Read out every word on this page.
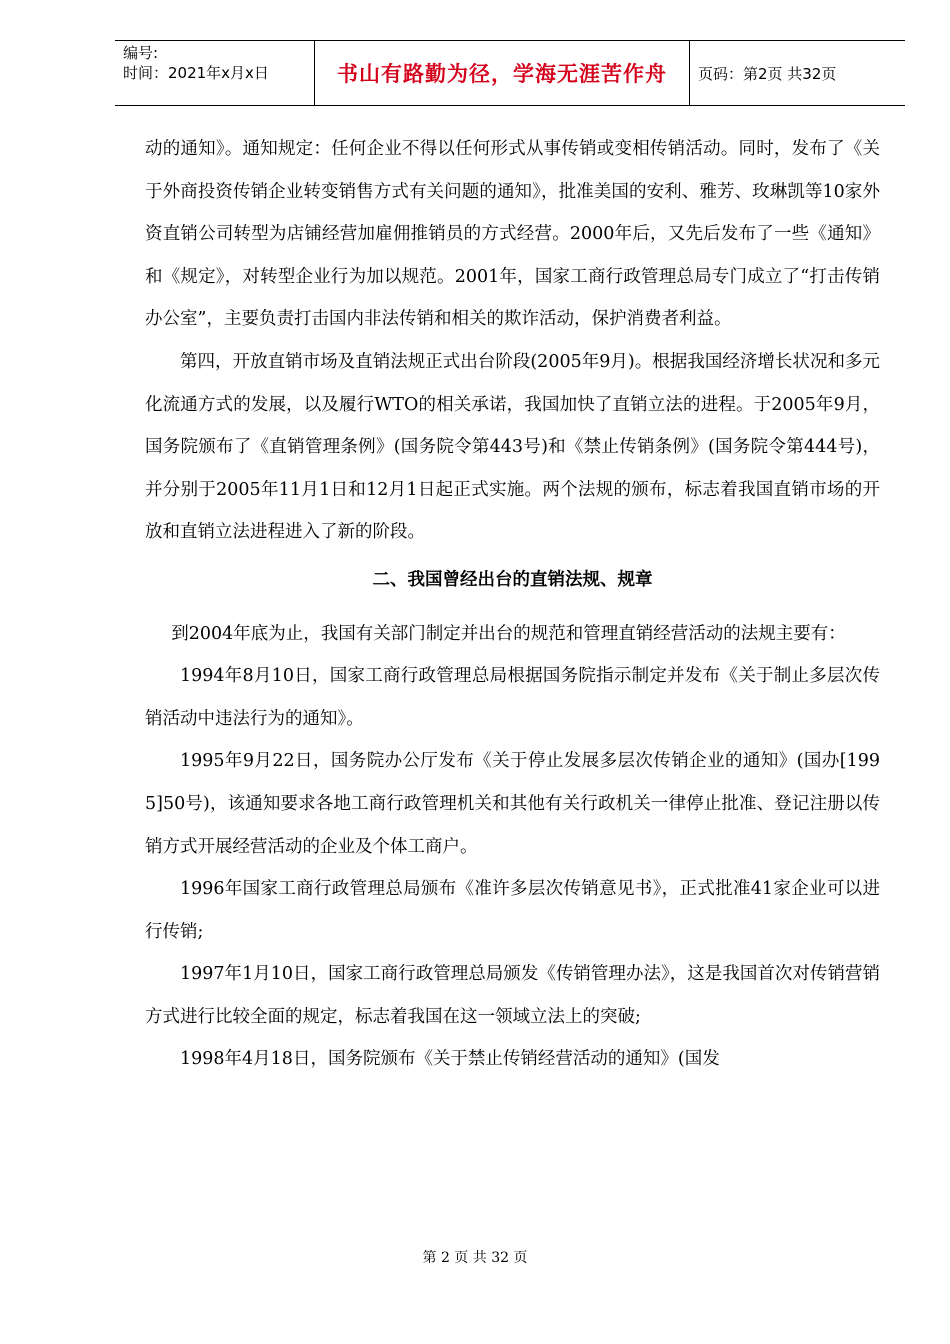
编号:
时间：2021年x月x日	书山有路勤为径，学海无涯苦作舟	页码：第2页 共32页

动的通知》。通知规定：任何企业不得以任何形式从事传销或变相传销活动。同时，发布了《关于外商投资传销企业转变销售方式有关问题的通知》，批准美国的安利、雅芳、玫琳凯等10家外资直销公司转型为店铺经营加雇佣推销员的方式经营。2000年后，又先后发布了一些《通知》和《规定》，对转型企业行为加以规范。2001年，国家工商行政管理总局专门成立了“打击传销办公室”，主要负责打击国内非法传销和相关的欺诈活动，保护消费者利益。

第四，开放直销市场及直销法规正式出台阶段(2005年9月)。根据我国经济增长状况和多元化流通方式的发展，以及履行WTO的相关承诺，我国加快了直销立法的进程。于2005年9月，国务院颁布了《直销管理条例》(国务院令第443号)和《禁止传销条例》(国务院令第444号)，并分别于2005年11月1日和12月1日起正式实施。两个法规的颁布，标志着我国直销市场的开放和直销立法进程进入了新的阶段。

二、我国曾经出台的直销法规、规章

到2004年底为止，我国有关部门制定并出台的规范和管理直销经营活动的法规主要有：

1994年8月10日，国家工商行政管理总局根据国务院指示制定并发布《关于制止多层次传销活动中违法行为的通知》。

1995年9月22日，国务院办公厅发布《关于停止发展多层次传销企业的通知》(国办[1995]50号)，该通知要求各地工商行政管理机关和其他有关行政机关一律停止批准、登记注册以传销方式开展经营活动的企业及个体工商户。

1996年国家工商行政管理总局颁布《准许多层次传销意见书》，正式批准41家企业可以进行传销;

1997年1月10日，国家工商行政管理总局颁发《传销管理办法》，这是我国首次对传销营销方式进行比较全面的规定，标志着我国在这一领域立法上的突破;

1998年4月18日，国务院颁布《关于禁止传销经营活动的通知》(国发

第 2 页 共 32 页
